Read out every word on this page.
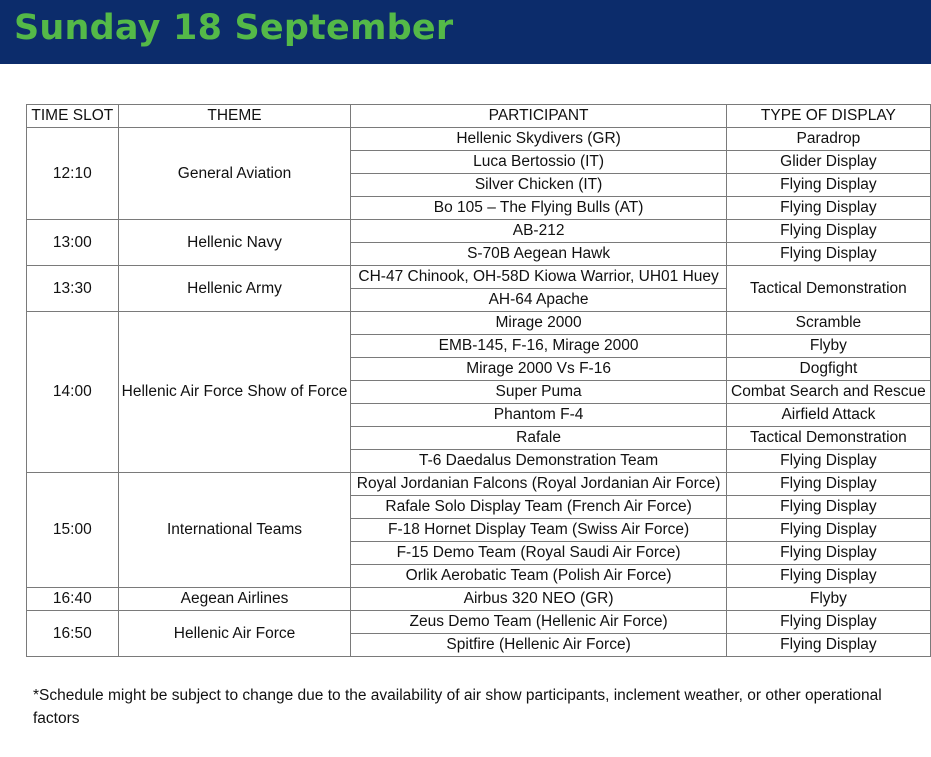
Sunday 18 September
TIME SLOT	THEME	PARTICIPANT	TYPE OF DISPLAY
12:10	General Aviation	Hellenic Skydivers (GR)	Paradrop
		Luca Bertossio (IT)	Glider Display
		Silver Chicken (IT)	Flying Display
		Bo 105 – The Flying Bulls (AT)	Flying Display
13:00	Hellenic Navy	AB-212	Flying Display
		S-70B Aegean Hawk	Flying Display
13:30	Hellenic Army	CH-47 Chinook, OH-58D Kiowa Warrior, UH01 Huey	Tactical Demonstration
		AH-64 Apache	
14:00	Hellenic Air Force Show of Force	Mirage 2000	Scramble
		EMB-145, F-16, Mirage 2000	Flyby
		Mirage 2000 Vs F-16	Dogfight
		Super Puma	Combat Search and Rescue
		Phantom F-4	Airfield Attack
		Rafale	Tactical Demonstration
		T-6 Daedalus Demonstration Team	Flying Display
15:00	International Teams	Royal Jordanian Falcons (Royal Jordanian Air Force)	Flying Display
		Rafale Solo Display Team (French Air Force)	Flying Display
		F-18 Hornet Display Team (Swiss Air Force)	Flying Display
		F-15 Demo Team (Royal Saudi Air Force)	Flying Display
		Orlik Aerobatic Team (Polish Air Force)	Flying Display
16:40	Aegean Airlines	Airbus 320 NEO (GR)	Flyby
16:50	Hellenic Air Force	Zeus Demo Team (Hellenic Air Force)	Flying Display
		Spitfire (Hellenic Air Force)	Flying Display
*Schedule might be subject to change due to the availability of air show participants, inclement weather, or other operational factors
